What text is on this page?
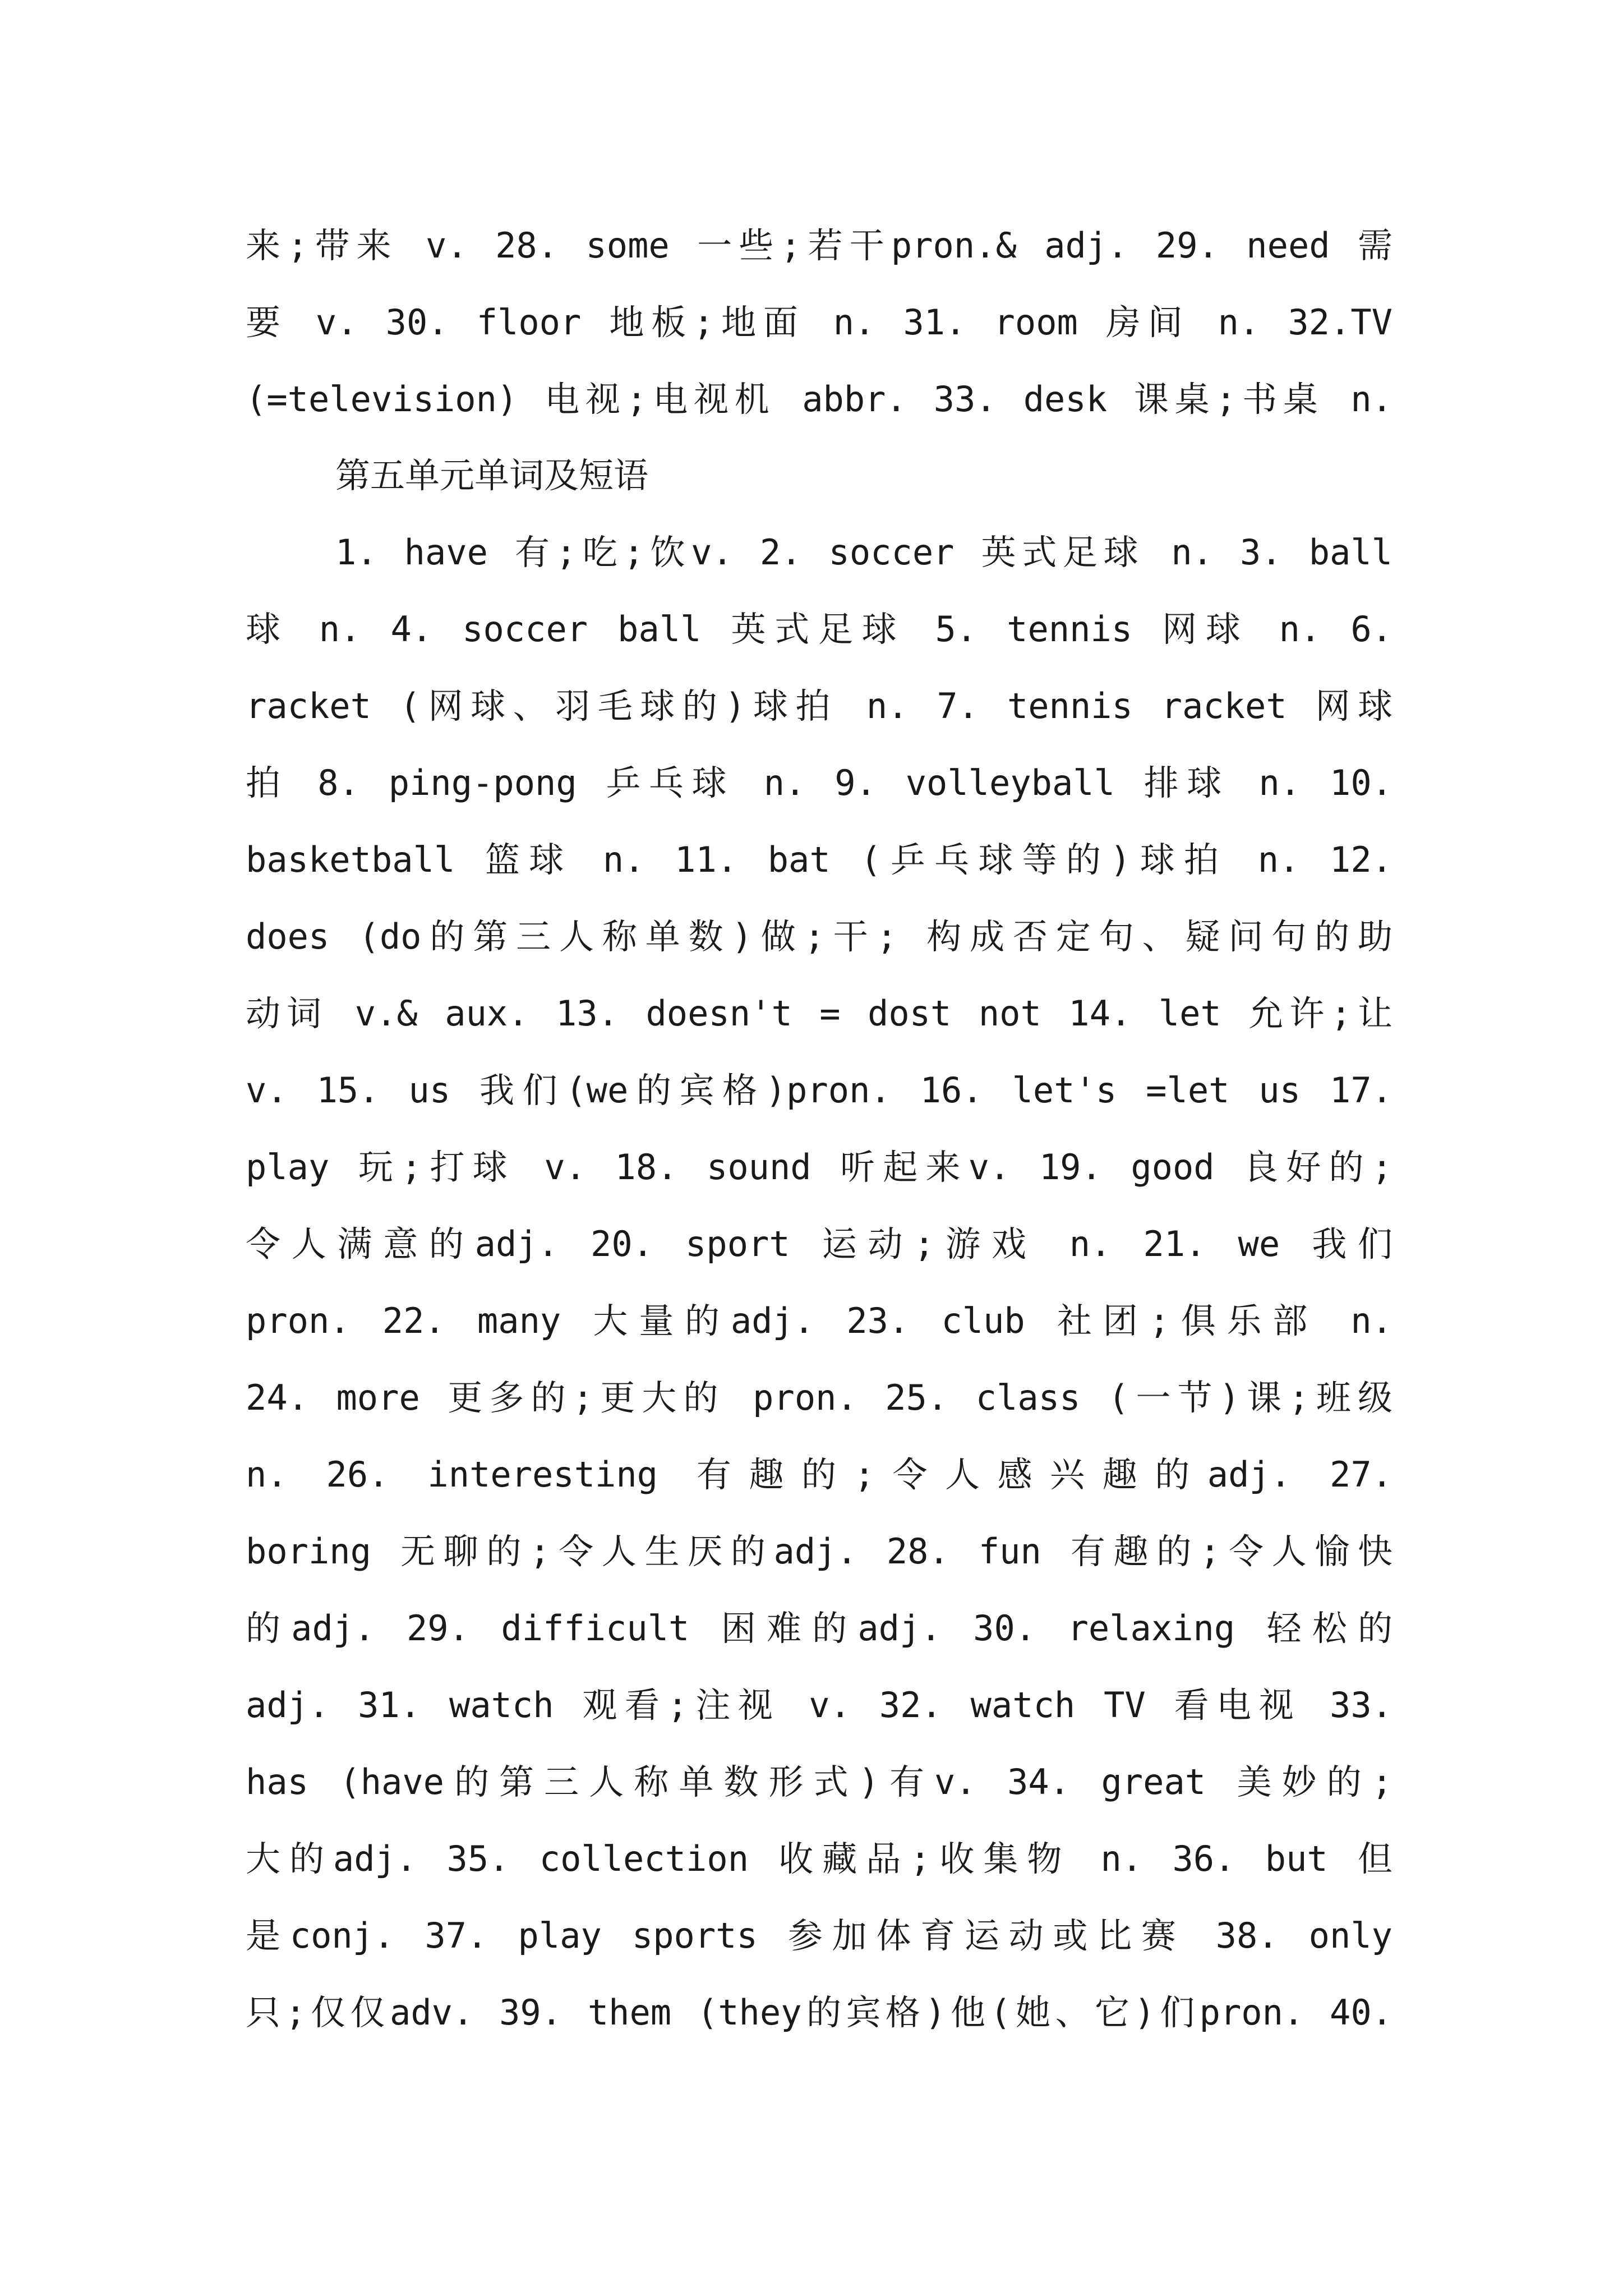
来;带来 v. 28. some 一些;若干pron.& adj. 29. need 需
要 v. 30. floor 地板;地面 n. 31. room 房间 n. 32.TV
(=television) 电视;电视机 abbr. 33. desk 课桌;书桌 n.
第五单元单词及短语
1. have 有;吃;饮v. 2. soccer 英式足球 n. 3. ball
球 n. 4. soccer ball 英式足球 5. tennis 网球 n. 6.
racket (网球、羽毛球的)球拍 n. 7. tennis racket 网球
拍 8. ping-pong 乒乓球 n. 9. volleyball 排球 n. 10.
basketball 篮球 n. 11. bat (乒乓球等的)球拍 n. 12.
does (do的第三人称单数)做;干; 构成否定句、疑问句的助
动词 v.& aux. 13. doesn't = dost not 14. let 允许;让
v. 15. us 我们(we的宾格)pron. 16. let's =let us 17.
play 玩;打球 v. 18. sound 听起来v. 19. good 良好的;
令人满意的adj. 20. sport 运动;游戏 n. 21. we 我们
pron. 22. many 大量的adj. 23. club 社团;俱乐部 n.
24. more 更多的;更大的 pron. 25. class (一节)课;班级
n. 26. interesting 有趣的;令人感兴趣的adj. 27.
boring 无聊的;令人生厌的adj. 28. fun 有趣的;令人愉快
的adj. 29. difficult 困难的adj. 30. relaxing 轻松的
adj. 31. watch 观看;注视 v. 32. watch TV 看电视 33.
has (have的第三人称单数形式)有v. 34. great 美妙的;
大的adj. 35. collection 收藏品;收集物 n. 36. but 但
是conj. 37. play sports 参加体育运动或比赛 38. only
只;仅仅adv. 39. them (they的宾格)他(她、它)们pron. 40.
